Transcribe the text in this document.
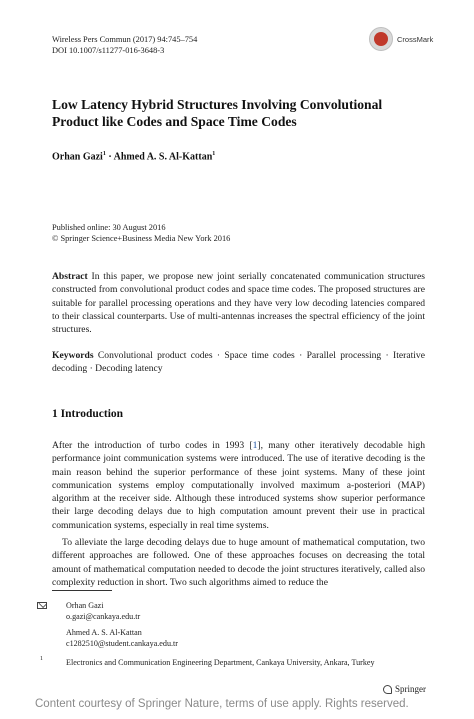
Wireless Pers Commun (2017) 94:745–754
DOI 10.1007/s11277-016-3648-3
CrossMark
Low Latency Hybrid Structures Involving Convolutional Product like Codes and Space Time Codes
Orhan Gazi$^1$ · Ahmed A. S. Al-Kattan$^1$
Published online: 30 August 2016
© Springer Science+Business Media New York 2016
Abstract In this paper, we propose new joint serially concatenated communication structures constructed from convolutional product codes and space time codes. The proposed structures are suitable for parallel processing operations and they have very low decoding latencies compared to their classical counterparts. Use of multi-antennas increases the spectral efficiency of the joint structures.
Keywords Convolutional product codes · Space time codes · Parallel processing · Iterative decoding · Decoding latency
1 Introduction
After the introduction of turbo codes in 1993 [1], many other iteratively decodable high performance joint communication systems were introduced. The use of iterative decoding is the main reason behind the superior performance of these joint systems. Many of these joint communication systems employ computationally involved maximum a-posteriori (MAP) algorithm at the receiver side. Although these introduced systems show superior performance their large decoding delays due to high computation amount prevent their use in practical communication systems, especially in real time systems.
To alleviate the large decoding delays due to huge amount of mathematical computation, two different approaches are followed. One of these approaches focuses on decreasing the total amount of mathematical computation needed to decode the joint structures iteratively, called also complexity reduction in short. Two such algorithms aimed to reduce the
Orhan Gazi
o.gazi@cankaya.edu.tr
Ahmed A. S. Al-Kattan
c1282510@student.cankaya.edu.tr
1	Electronics and Communication Engineering Department, Cankaya University, Ankara, Turkey
Springer
Content courtesy of Springer Nature, terms of use apply. Rights reserved.
